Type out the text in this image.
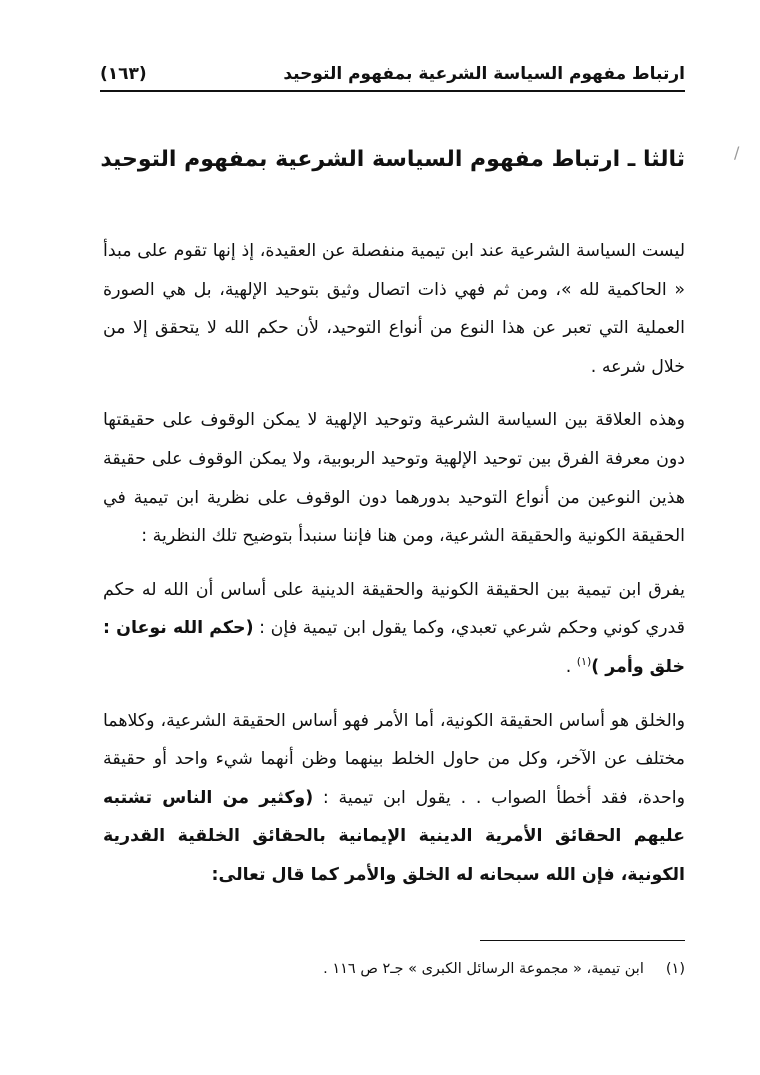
ارتباط مفهوم السياسة الشرعية بمفهوم التوحيد
(١٦٣)
/
ثالثا ـ ارتباط مفهوم السياسة الشرعية بمفهوم التوحيد

ليست السياسة الشرعية عند ابن تيمية منفصلة عن العقيدة، إذ إنها تقوم على مبدأ « الحاكمية لله »، ومن ثم فهي ذات اتصال وثيق بتوحيد الإلهية، بل هي الصورة العملية التي تعبر عن هذا النوع من أنواع التوحيد، لأن حكم الله لا يتحقق إلا من خلال شرعه .

وهذه العلاقة بين السياسة الشرعية وتوحيد الإلهية لا يمكن الوقوف على حقيقتها دون معرفة الفرق بين توحيد الإلهية وتوحيد الربوبية، ولا يمكن الوقوف على حقيقة هذين النوعين من أنواع التوحيد بدورهما دون الوقوف على نظرية ابن تيمية في الحقيقة الكونية والحقيقة الشرعية، ومن هنا فإننا سنبدأ بتوضيح تلك النظرية :

يفرق ابن تيمية بين الحقيقة الكونية والحقيقة الدينية على أساس أن الله له حكم قدري كوني وحكم شرعي تعبدي، وكما يقول ابن تيمية فإن : (حكم الله نوعان : خلق وأمر )$^{(١)}$ .

والخلق هو أساس الحقيقة الكونية، أما الأمر فهو أساس الحقيقة الشرعية، وكلاهما مختلف عن الآخر، وكل من حاول الخلط بينهما وظن أنهما شيء واحد أو حقيقة واحدة، فقد أخطأ الصواب . . يقول ابن تيمية : (وكثير من الناس تشتبه عليهم الحقائق الأمرية الدينية الإيمانية بالحقائق الخلقية القدرية الكونية، فإن الله سبحانه له الخلق والأمر كما قال تعالى:

(١)ابن تيمية، « مجموعة الرسائل الكبرى » جـ٢ ص ١١٦ .
